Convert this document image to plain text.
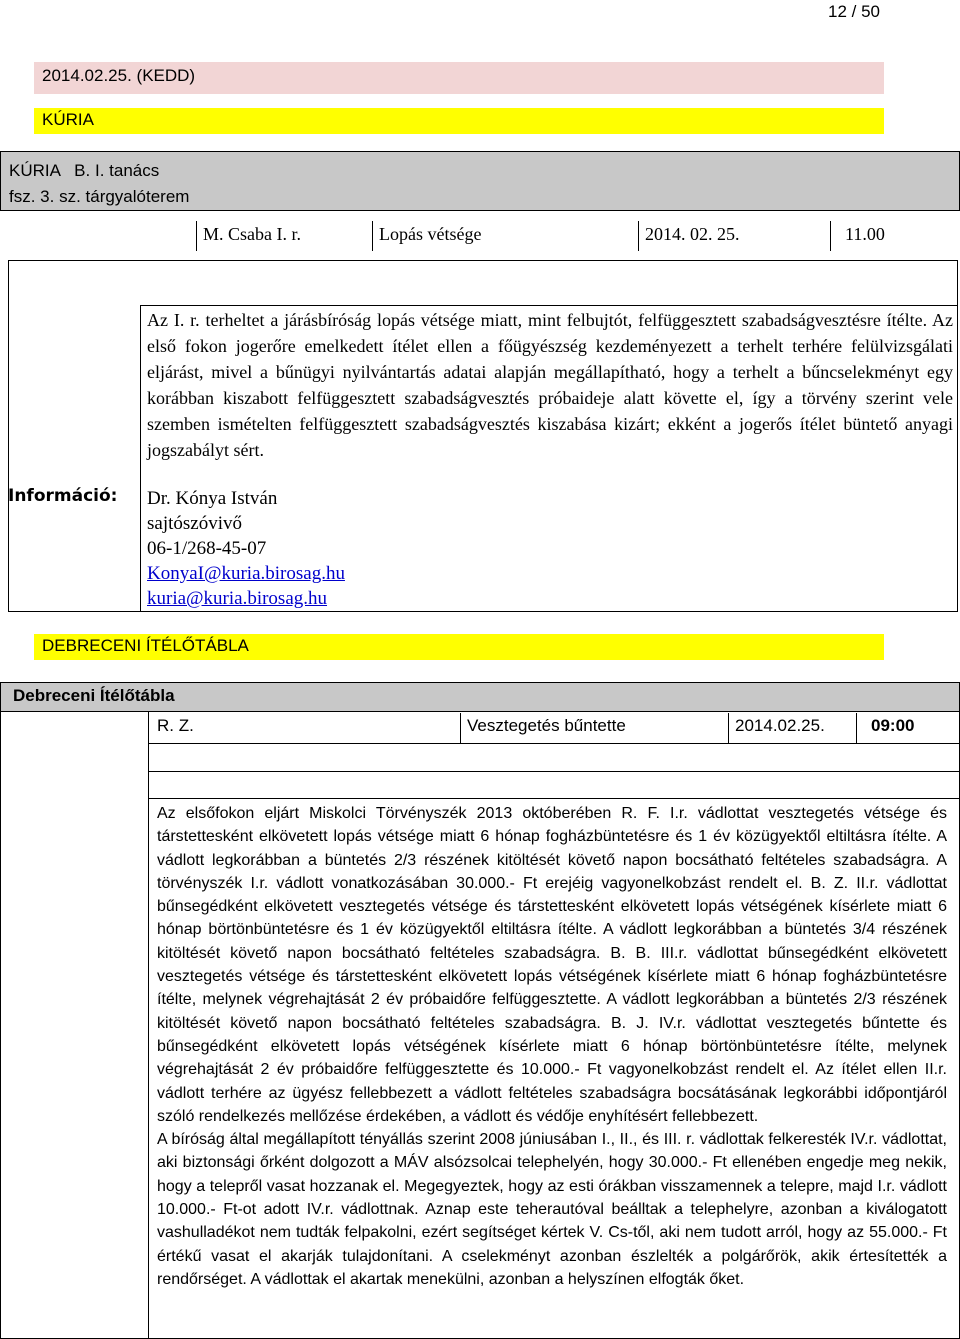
12 / 50
2014.02.25. (KEDD)
KÚRIA
KÚRIA   B. I. tanács
fsz. 3. sz. tárgyalóterem
M. Csaba I. r.	Lopás vétsége	2014. 02. 25.	11.00
Információ:
Az I. r. terheltet a járásbíróság lopás vétsége miatt, mint felbujtót, felfüggesztett szabadságvesztésre ítélte. Az első fokon jogerőre emelkedett ítélet ellen a főügyészség kezdeményezett a terhelt terhére felülvizsgálati eljárást, mivel a bűnügyi nyilvántartás adatai alapján megállapítható, hogy a terhelt a bűncselekményt egy korábban kiszabott felfüggesztett szabadságvesztés próbaideje alatt követte el, így a törvény szerint vele szemben ismételten felfüggesztett szabadságvesztés kiszabása kizárt; ekként a jogerős ítélet büntető anyagi jogszabályt sért.
Dr. Kónya István
sajtószóvivő
06-1/268-45-07
KonyaI@kuria.birosag.hu
kuria@kuria.birosag.hu
DEBRECENI ÍTÉLŐTÁBLA
Debreceni Ítélőtábla
R. Z.	Vesztegetés bűntette	2014.02.25.	09:00

Az elsőfokon eljárt Miskolci Törvényszék 2013 októberében R. F. I.r. vádlottat vesztegetés vétsége és társtettesként elkövetett lopás vétsége miatt 6 hónap fogházbüntetésre és 1 év közügyektől eltiltásra ítélte. A vádlott legkorábban a büntetés 2/3 részének kitöltését követő napon bocsátható feltételes szabadságra. A törvényszék I.r. vádlott vonatkozásában 30.000.- Ft erejéig vagyonelkobzást rendelt el. B. Z. II.r. vádlottat bűnsegédként elkövetett vesztegetés vétsége és társtettesként elkövetett lopás vétségének kísérlete miatt 6 hónap börtönbüntetésre és 1 év közügyektől eltiltásra ítélte. A vádlott legkorábban a büntetés 3/4 részének kitöltését követő napon bocsátható feltételes szabadságra. B. B. III.r. vádlottat bűnsegédként elkövetett vesztegetés vétsége és társtettesként elkövetett lopás vétségének kísérlete miatt 6 hónap fogházbüntetésre ítélte, melynek végrehajtását 2 év próbaidőre felfüggesztette. A vádlott legkorábban a büntetés 2/3 részének kitöltését követő napon bocsátható feltételes szabadságra. B. J. IV.r. vádlottat vesztegetés bűntette és bűnsegédként elkövetett lopás vétségének kísérlete miatt 6 hónap börtönbüntetésre ítélte, melynek végrehajtását 2 év próbaidőre felfüggesztette és 10.000.- Ft vagyonelkobzást rendelt el. Az ítélet ellen II.r. vádlott terhére az ügyész fellebbezett a vádlott feltételes szabadságra bocsátásának legkorábbi időpontjáról szóló rendelkezés mellőzése érdekében, a vádlott és védője enyhítésért fellebbezett.

A bíróság által megállapított tényállás szerint 2008 júniusában I., II., és III. r. vádlottak felkeresték IV.r. vádlottat, aki biztonsági őrként dolgozott a MÁV alsózsolcai telephelyén, hogy 30.000.- Ft ellenében engedje meg nekik, hogy a telepről vasat hozzanak el. Megegyeztek, hogy az esti órákban visszamennek a telepre, majd I.r. vádlott 10.000.- Ft-ot adott IV.r. vádlottnak. Aznap este teherautóval beálltak a telephelyre, azonban a kiválogatott vashulladékot nem tudták felpakolni, ezért segítséget kértek V. Cs-től, aki nem tudott arról, hogy az 55.000.- Ft értékű vasat el akarják tulajdonítani. A cselekményt azonban észlelték a polgárőrök, akik értesítették a rendőrséget. A vádlottak el akartak menekülni, azonban a helyszínen elfogták őket.
